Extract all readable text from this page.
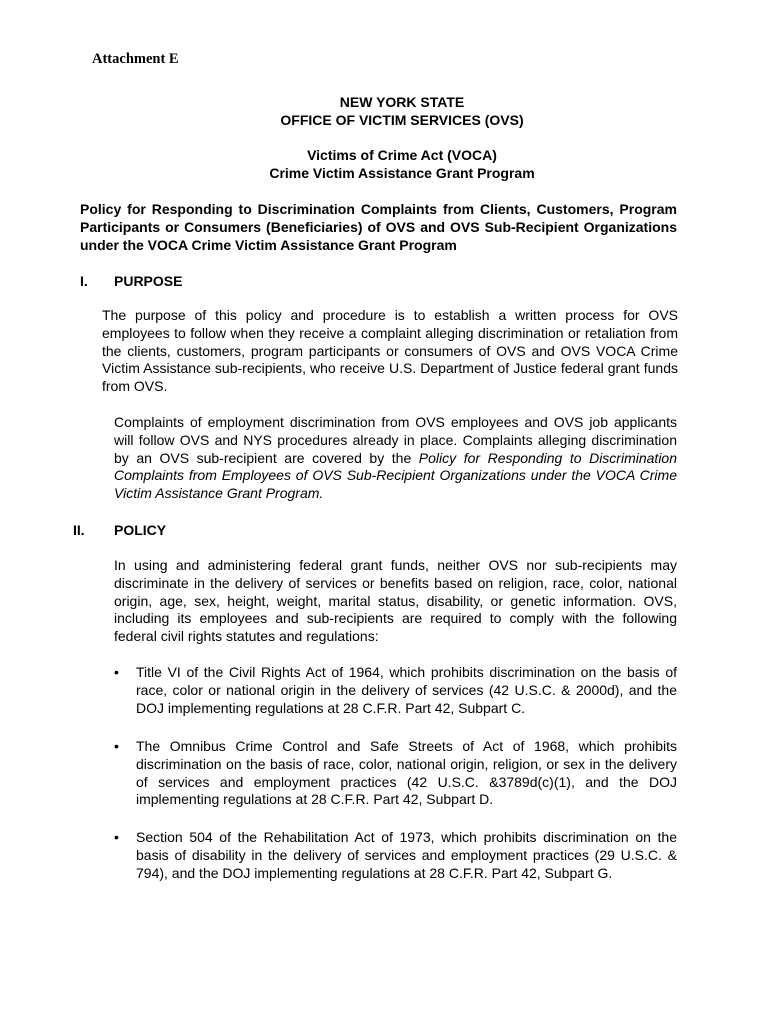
Attachment E
NEW YORK STATE
OFFICE OF VICTIM SERVICES (OVS)
Victims of Crime Act (VOCA)
Crime Victim Assistance Grant Program
Policy for Responding to Discrimination Complaints from Clients, Customers, Program Participants or Consumers (Beneficiaries) of OVS and OVS Sub-Recipient Organizations under the VOCA Crime Victim Assistance Grant Program
I. PURPOSE
The purpose of this policy and procedure is to establish a written process for OVS employees to follow when they receive a complaint alleging discrimination or retaliation from the clients, customers, program participants or consumers of OVS and OVS VOCA Crime Victim Assistance sub-recipients, who receive U.S. Department of Justice federal grant funds from OVS.
Complaints of employment discrimination from OVS employees and OVS job applicants will follow OVS and NYS procedures already in place. Complaints alleging discrimination by an OVS sub-recipient are covered by the Policy for Responding to Discrimination Complaints from Employees of OVS Sub-Recipient Organizations under the VOCA Crime Victim Assistance Grant Program.
II. POLICY
In using and administering federal grant funds, neither OVS nor sub-recipients may discriminate in the delivery of services or benefits based on religion, race, color, national origin, age, sex, height, weight, marital status, disability, or genetic information. OVS, including its employees and sub-recipients are required to comply with the following federal civil rights statutes and regulations:
•	Title VI of the Civil Rights Act of 1964, which prohibits discrimination on the basis of race, color or national origin in the delivery of services (42 U.S.C. & 2000d), and the DOJ implementing regulations at 28 C.F.R. Part 42, Subpart C.
•	The Omnibus Crime Control and Safe Streets of Act of 1968, which prohibits discrimination on the basis of race, color, national origin, religion, or sex in the delivery of services and employment practices (42 U.S.C. &3789d(c)(1), and the DOJ implementing regulations at 28 C.F.R. Part 42, Subpart D.
•	Section 504 of the Rehabilitation Act of 1973, which prohibits discrimination on the basis of disability in the delivery of services and employment practices (29 U.S.C. & 794), and the DOJ implementing regulations at 28 C.F.R. Part 42, Subpart G.
